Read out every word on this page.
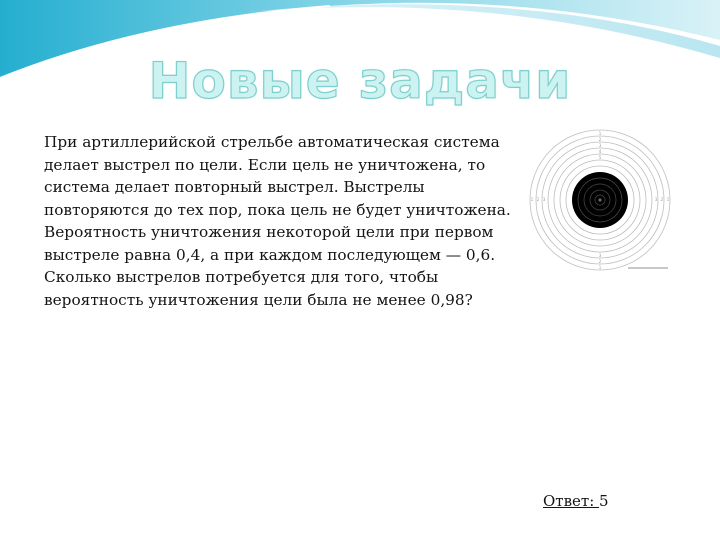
Новые задачи
При артиллерийской стрельбе автоматическая система
делает выстрел по цели. Если цель не уничтожена, то
система делает повторный выстрел. Выстрелы
повторяются до тех пор, пока цель не будет уничтожена.
Вероятность уничтожения некоторой цели при первом
выстреле равна 0,4, а при каждом последующем — 0,6.
Сколько выстрелов потребуется для того, чтобы
вероятность уничтожения цели была не менее 0,98?
1
2
3
4
5
1
2
3
1 2 3	1
2
3
Ответ: 5
